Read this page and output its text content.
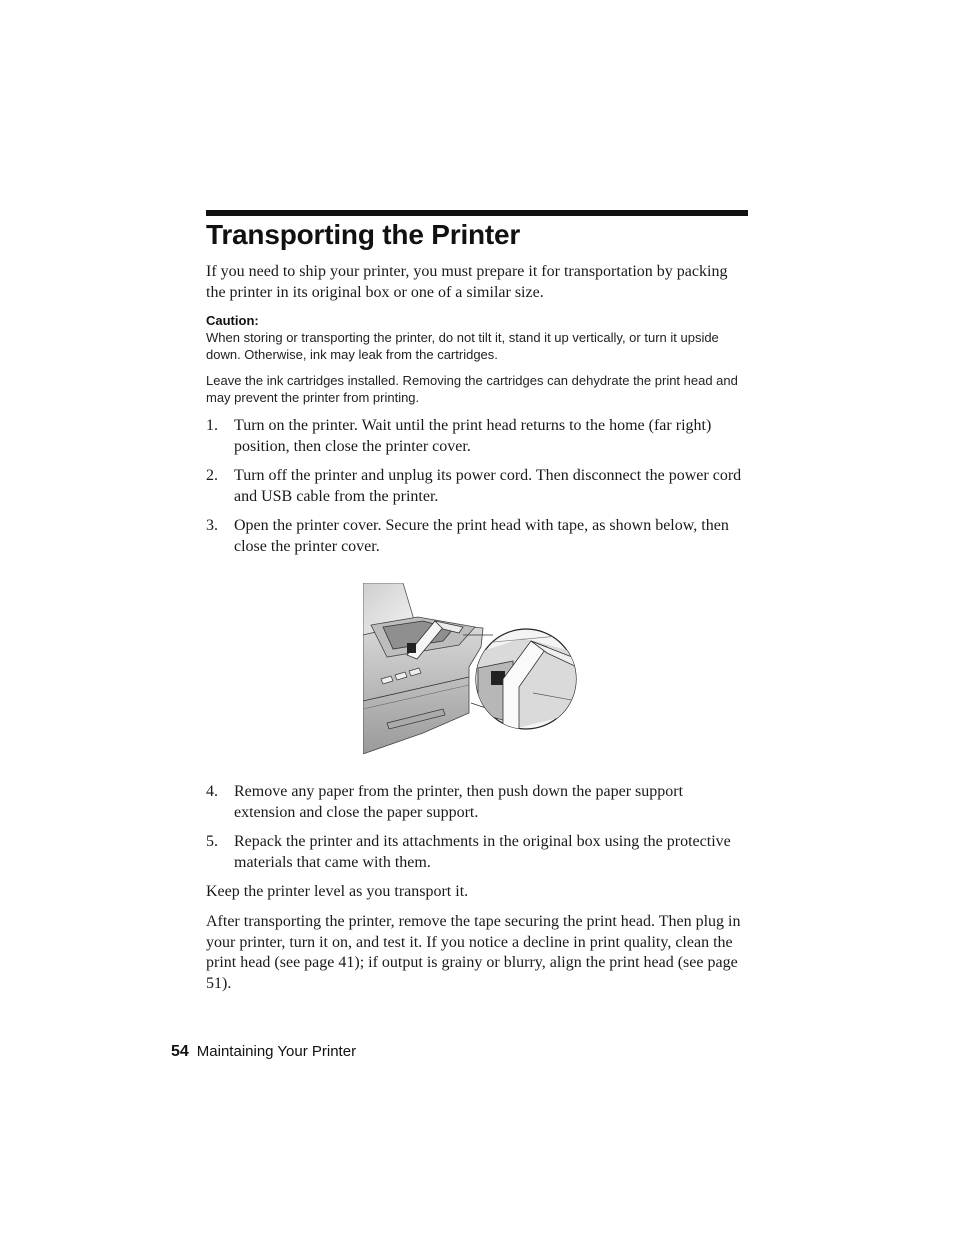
Transporting the Printer

If you need to ship your printer, you must prepare it for transportation by packing the printer in its original box or one of a similar size.

Caution:

When storing or transporting the printer, do not tilt it, stand it up vertically, or turn it upside down. Otherwise, ink may leak from the cartridges.

Leave the ink cartridges installed. Removing the cartridges can dehydrate the print head and may prevent the printer from printing.

1.	Turn on the printer. Wait until the print head returns to the home (far right) position, then close the printer cover.
2.	Turn off the printer and unplug its power cord. Then disconnect the power cord and USB cable from the printer.
3.	Open the printer cover. Secure the print head with tape, as shown below, then close the printer cover.
4.	Remove any paper from the printer, then push down the paper support extension and close the paper support.
5.	Repack the printer and its attachments in the original box using the protective materials that came with them.

Keep the printer level as you transport it.

After transporting the printer, remove the tape securing the print head. Then plug in your printer, turn it on, and test it. If you notice a decline in print quality, clean the print head (see page 41); if output is grainy or blurry, align the print head (see page 51).

54 Maintaining Your Printer
